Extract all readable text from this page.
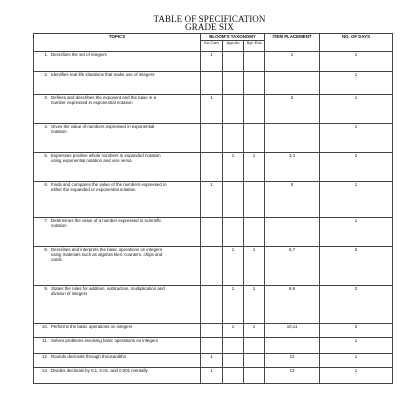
TABLE OF SPECIFICATION
GRADE SIX
TOPICS	BLOOM'S TAXONOMY			ITEM PLACEMENT	NO. OF DAYS
	Kn Com	App An	Syn Eva		
1. Describes the set of integers	1			1	1
2. Identifies real-life situations that make use of integers					1
3. Defines and describes the exponent and the base in a number expressed in exponential notation	1			2	1
4. Gives the value of numbers expressed in exponential notation					1
5. Expresses positive whole numbers in expanded notation using exponential notation and vice versa		1	1	3,4	2
6. Finds and compares the value of the numbers expressed in either the expanded or exponential notation	1			5	1
7. Determines the value of a number expressed in scientific notation					1
8. Describes and interprets the basic operations on integers using materials such as algebra tiles, counters, chips and cards		1	1	6,7	2
9. States the rules for addition, subtraction, multiplication and division of integers		1	1	8,9	2
10. Performs the basic operations on integers		1	1	10,11	2
11. Solves problems involving basic operations on integers					1
12. Rounds decimals through thousandths	1			12	1
13. Divides decimals by 0.1, 0.01, and 0.001 mentally	1			13	1
